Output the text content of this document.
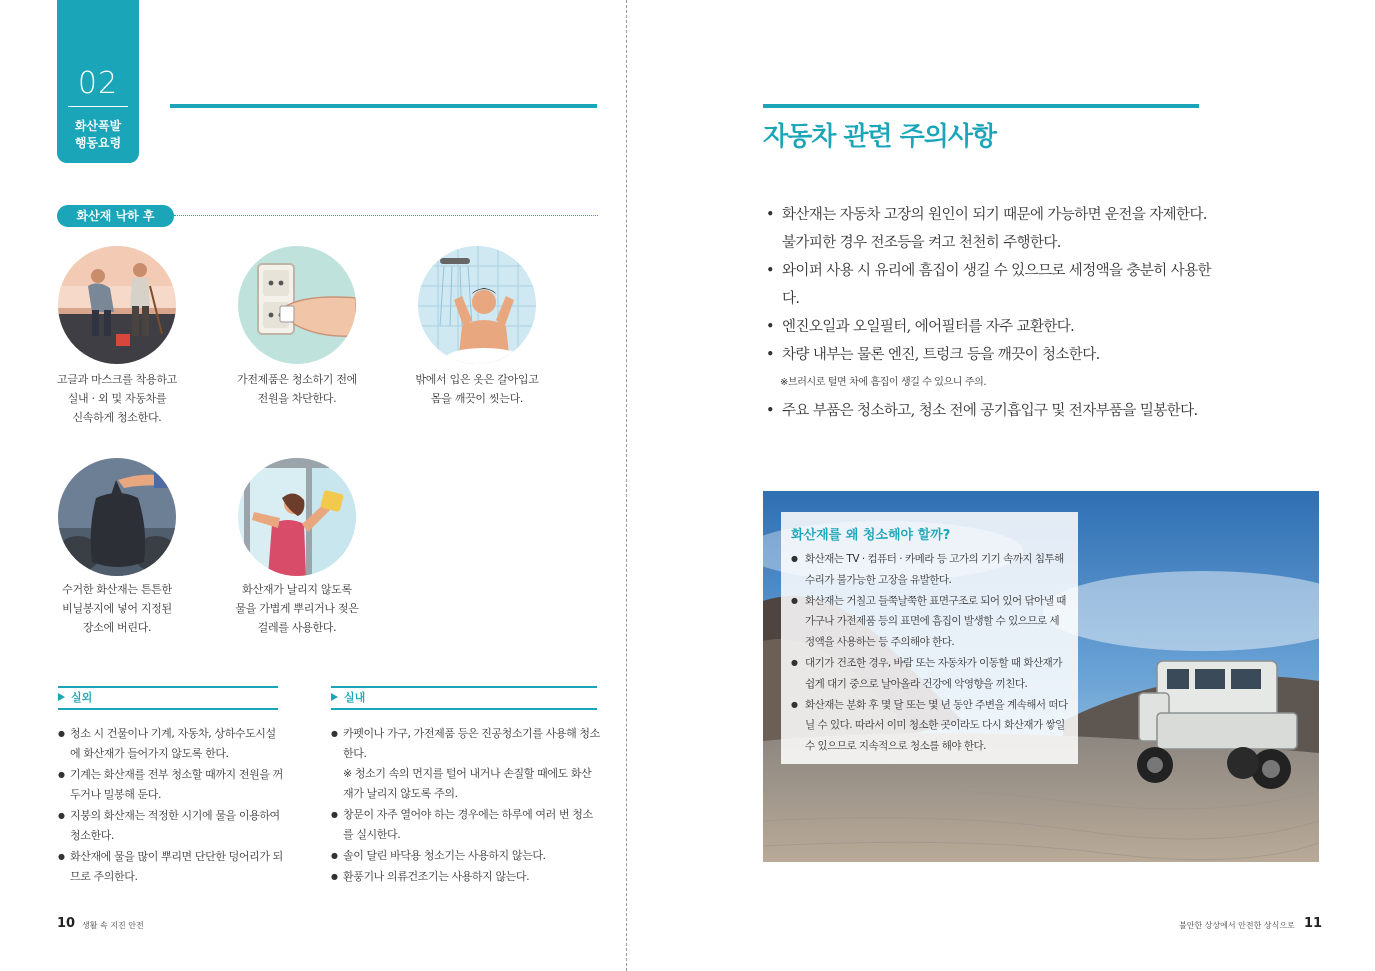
02
화산폭발
행동요령
화산재 낙하 후
고글과 마스크를 착용하고
실내 · 외 및 자동차를
신속하게 청소한다.
가전제품은 청소하기 전에
전원을 차단한다.
밖에서 입은 옷은 갈아입고
몸을 깨끗이 씻는다.
수거한 화산재는 튼튼한
비닐봉지에 넣어 지정된
장소에 버린다.
화산재가 날리지 않도록
물을 가볍게 뿌리거나 젖은
걸레를 사용한다.
실외
● 청소 시 건물이나 기계, 자동차, 상하수도시설에 화산재가 들어가지 않도록 한다.
● 기계는 화산재를 전부 청소할 때까지 전원을 꺼 두거나 밀봉해 둔다.
● 지붕의 화산재는 적정한 시기에 물을 이용하여 청소한다.
● 화산재에 물을 많이 뿌리면 단단한 덩어리가 되므로 주의한다.
실내
● 카펫이나 가구, 가전제품 등은 진공청소기를 사용해 청소한다.
※ 청소기 속의 먼지를 털어 내거나 손질할 때에도 화산재가 날리지 않도록 주의.
● 창문이 자주 열어야 하는 경우에는 하루에 여러 번 청소를 실시한다.
● 솔이 달린 바닥용 청소기는 사용하지 않는다.
● 환풍기나 의류건조기는 사용하지 않는다.
10 생활 속 지진 안전
자동차 관련 주의사항
• 화산재는 자동차 고장의 원인이 되기 때문에 가능하면 운전을 자제한다. 불가피한 경우 전조등을 켜고 천천히 주행한다.
• 와이퍼 사용 시 유리에 흠집이 생길 수 있으므로 세정액을 충분히 사용한다.
• 엔진오일과 오일필터, 에어필터를 자주 교환한다.
• 차량 내부는 물론 엔진, 트렁크 등을 깨끗이 청소한다.
※브러시로 털면 차에 흠집이 생길 수 있으니 주의.
• 주요 부품은 청소하고, 청소 전에 공기흡입구 및 전자부품을 밀봉한다.
화산재를 왜 청소해야 할까?
● 화산재는 TV · 컴퓨터 · 카메라 등 고가의 기기 속까지 침투해 수리가 불가능한 고장을 유발한다.
● 화산재는 거칠고 들쭉날쭉한 표면구조로 되어 있어 닦아낼 때 가구나 가전제품 등의 표면에 흠집이 발생할 수 있으므로 세정액을 사용하는 등 주의해야 한다.
● 대기가 건조한 경우, 바람 또는 자동차가 이동할 때 화산재가 쉽게 대기 중으로 날아올라 건강에 악영향을 끼친다.
● 화산재는 분화 후 몇 달 또는 몇 년 동안 주변을 계속해서 떠다닐 수 있다. 따라서 이미 청소한 곳이라도 다시 화산재가 쌓일 수 있으므로 지속적으로 청소를 해야 한다.
불안한 상상에서 안전한 상식으로 11
